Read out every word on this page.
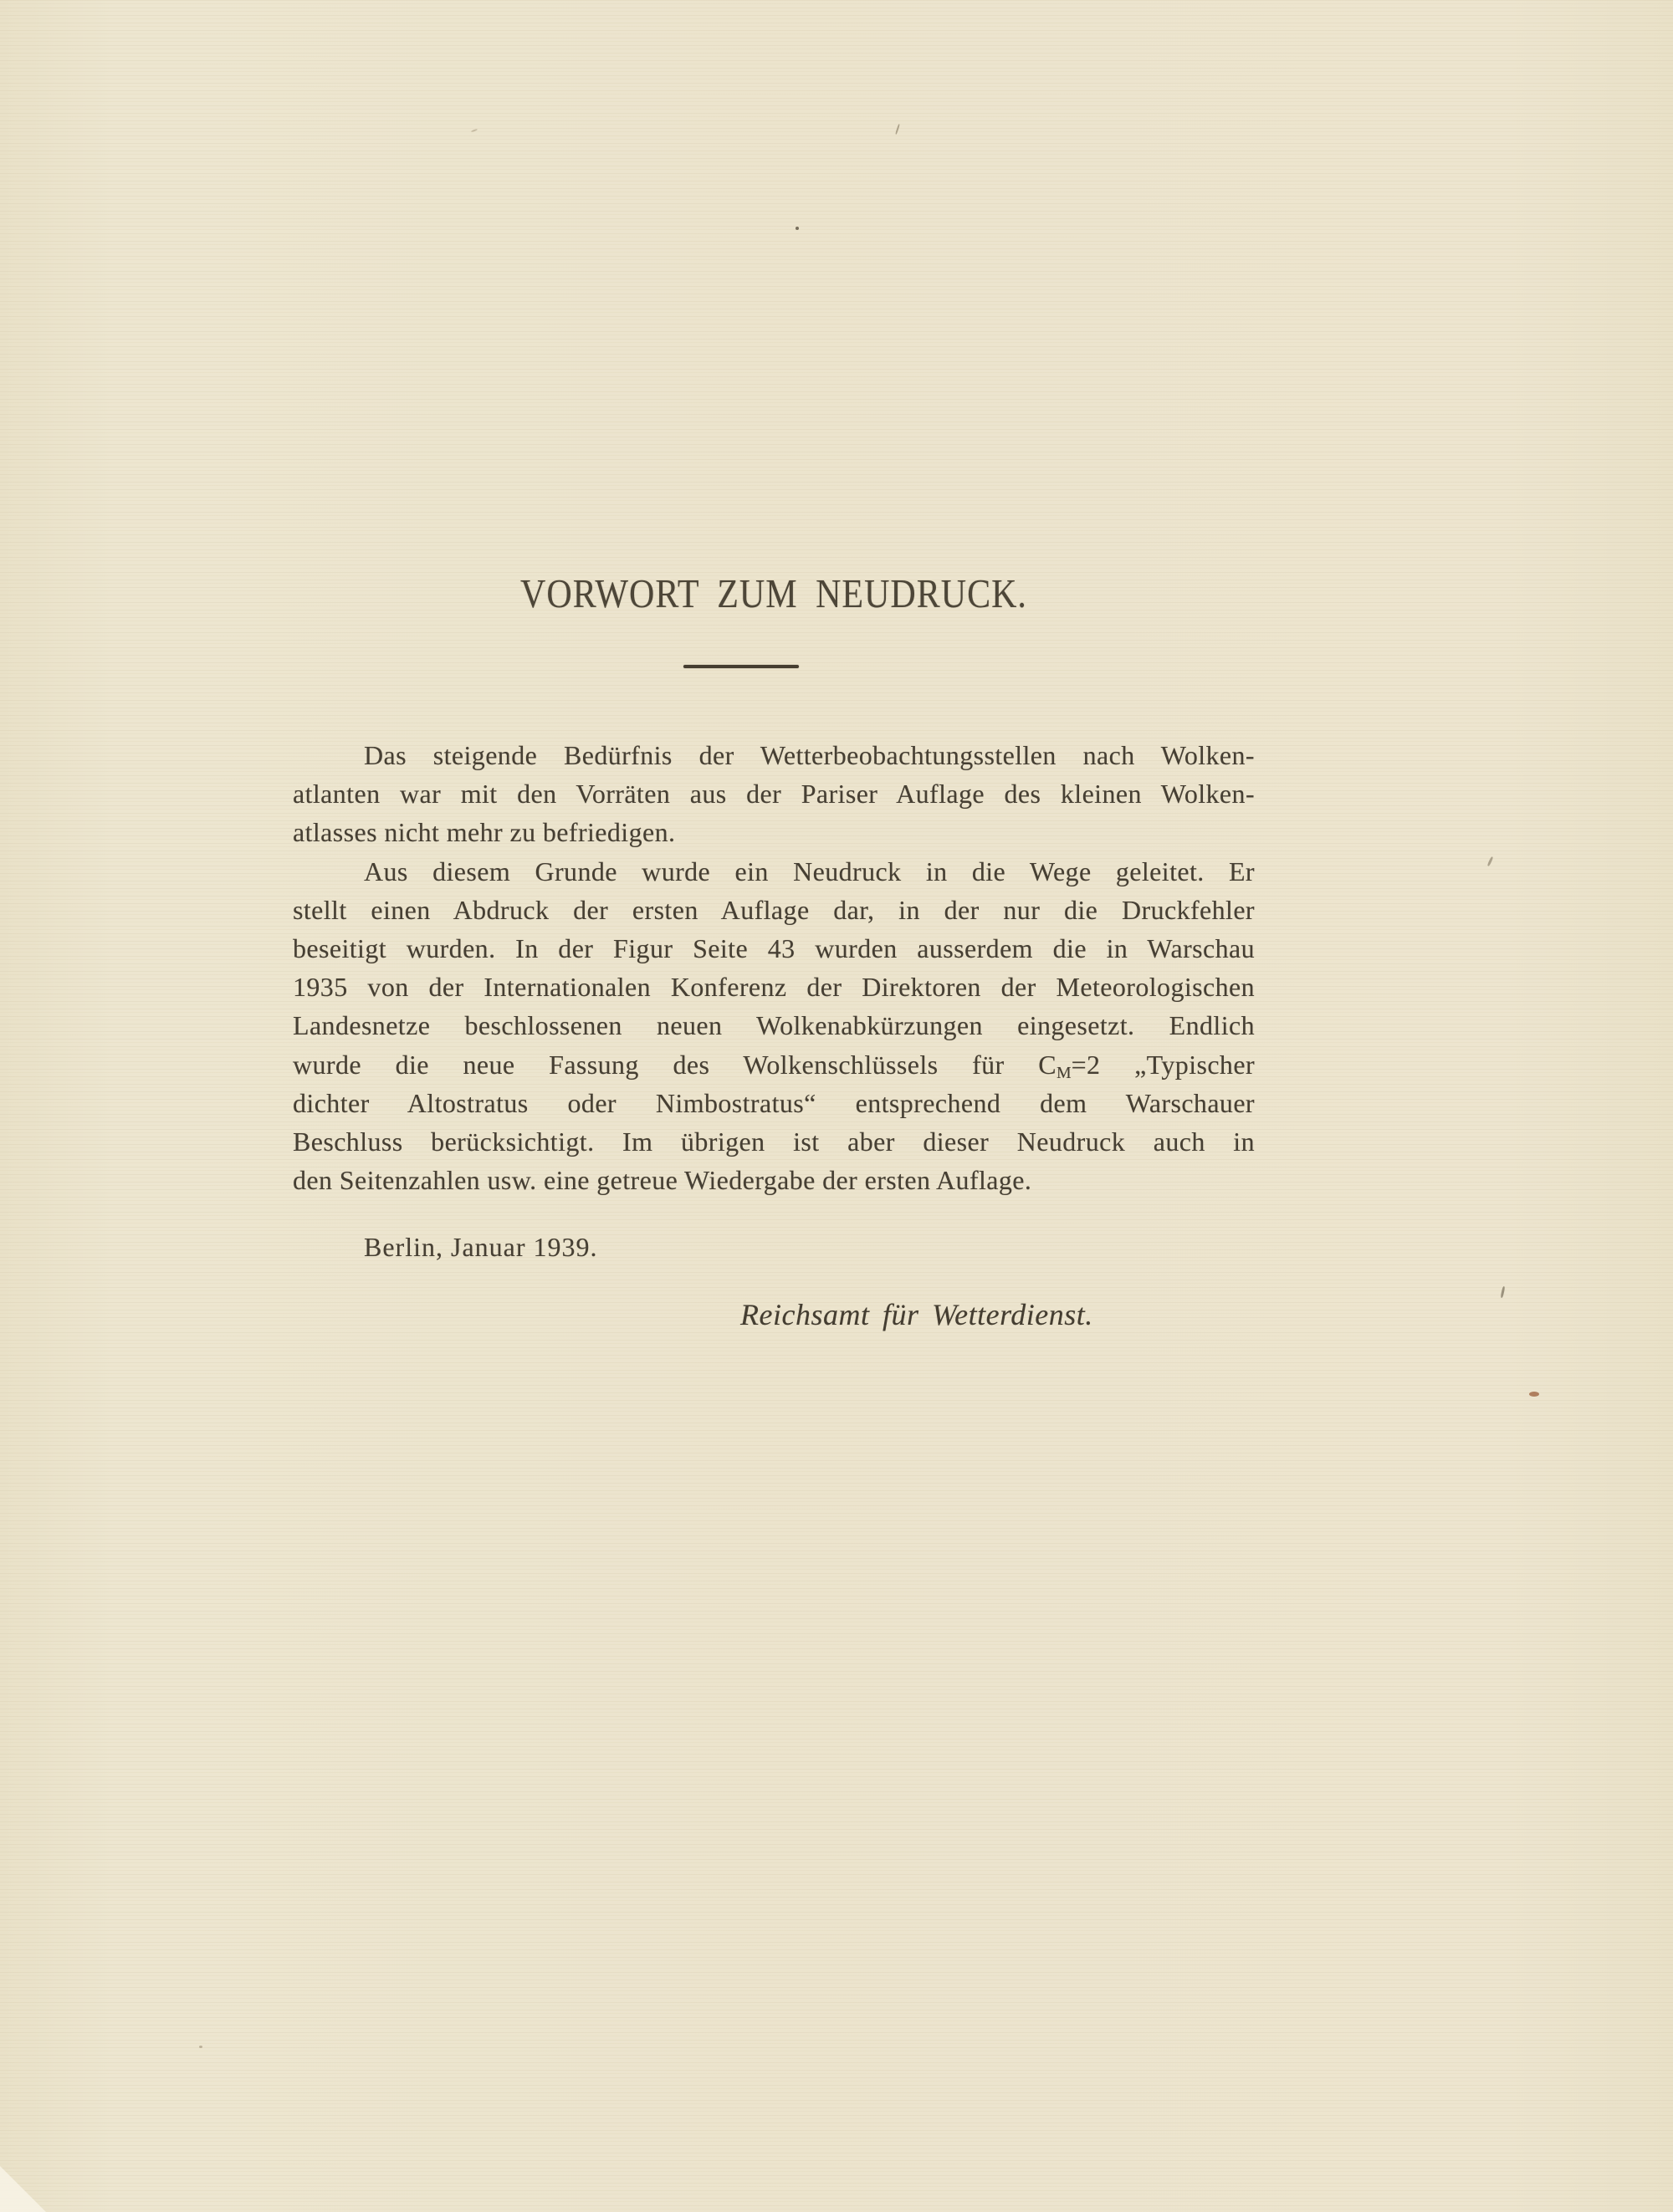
VORWORT ZUM NEUDRUCK.
Das steigende Bedürfnis der Wetterbeobachtungsstellen nach Wolken-
atlanten war mit den Vorräten aus der Pariser Auflage des kleinen Wolken-
atlasses nicht mehr zu befriedigen.
Aus diesem Grunde wurde ein Neudruck in die Wege geleitet. Er
stellt einen Abdruck der ersten Auflage dar, in der nur die Druckfehler
beseitigt wurden. In der Figur Seite 43 wurden ausserdem die in Warschau
1935 von der Internationalen Konferenz der Direktoren der Meteorologischen
Landesnetze beschlossenen neuen Wolkenabkürzungen eingesetzt. Endlich
wurde die neue Fassung des Wolkenschlüssels für $C_M=2$ „Typischer
dichter Altostratus oder Nimbostratus“ entsprechend dem Warschauer
Beschluss berücksichtigt. Im übrigen ist aber dieser Neudruck auch in
den Seitenzahlen usw. eine getreue Wiedergabe der ersten Auflage.
Berlin, Januar 1939.
Reichsamt für Wetterdienst.
